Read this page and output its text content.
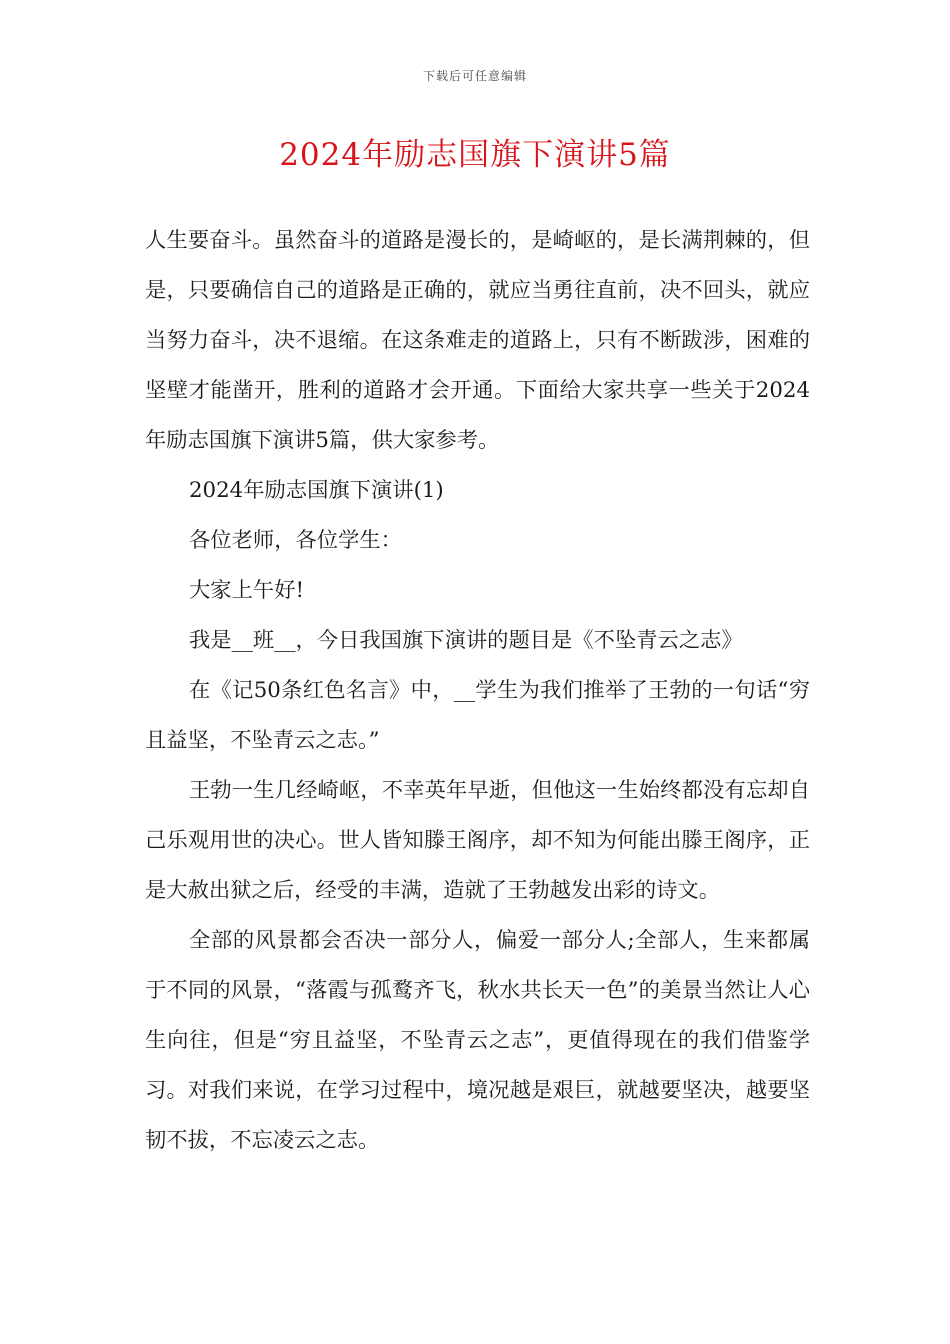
下载后可任意编辑
2024年励志国旗下演讲5篇

人生要奋斗。虽然奋斗的道路是漫长的，是崎岖的，是长满荆棘的，但是，只要确信自己的道路是正确的，就应当勇往直前，决不回头，就应当努力奋斗，决不退缩。在这条难走的道路上，只有不断跋涉，困难的坚壁才能凿开，胜利的道路才会开通。下面给大家共享一些关于2024年励志国旗下演讲5篇，供大家参考。

2024年励志国旗下演讲(1)

各位老师，各位学生：

大家上午好!

我是__班__，今日我国旗下演讲的题目是《不坠青云之志》

在《记50条红色名言》中，__学生为我们推举了王勃的一句话“穷且益坚，不坠青云之志。”

王勃一生几经崎岖，不幸英年早逝，但他这一生始终都没有忘却自己乐观用世的决心。世人皆知滕王阁序，却不知为何能出滕王阁序，正是大赦出狱之后，经受的丰满，造就了王勃越发出彩的诗文。

全部的风景都会否决一部分人，偏爱一部分人;全部人，生来都属于不同的风景，“落霞与孤鹜齐飞，秋水共长天一色”的美景当然让人心生向往，但是“穷且益坚，不坠青云之志”，更值得现在的我们借鉴学习。对我们来说，在学习过程中，境况越是艰巨，就越要坚决，越要坚韧不拔，不忘凌云之志。
